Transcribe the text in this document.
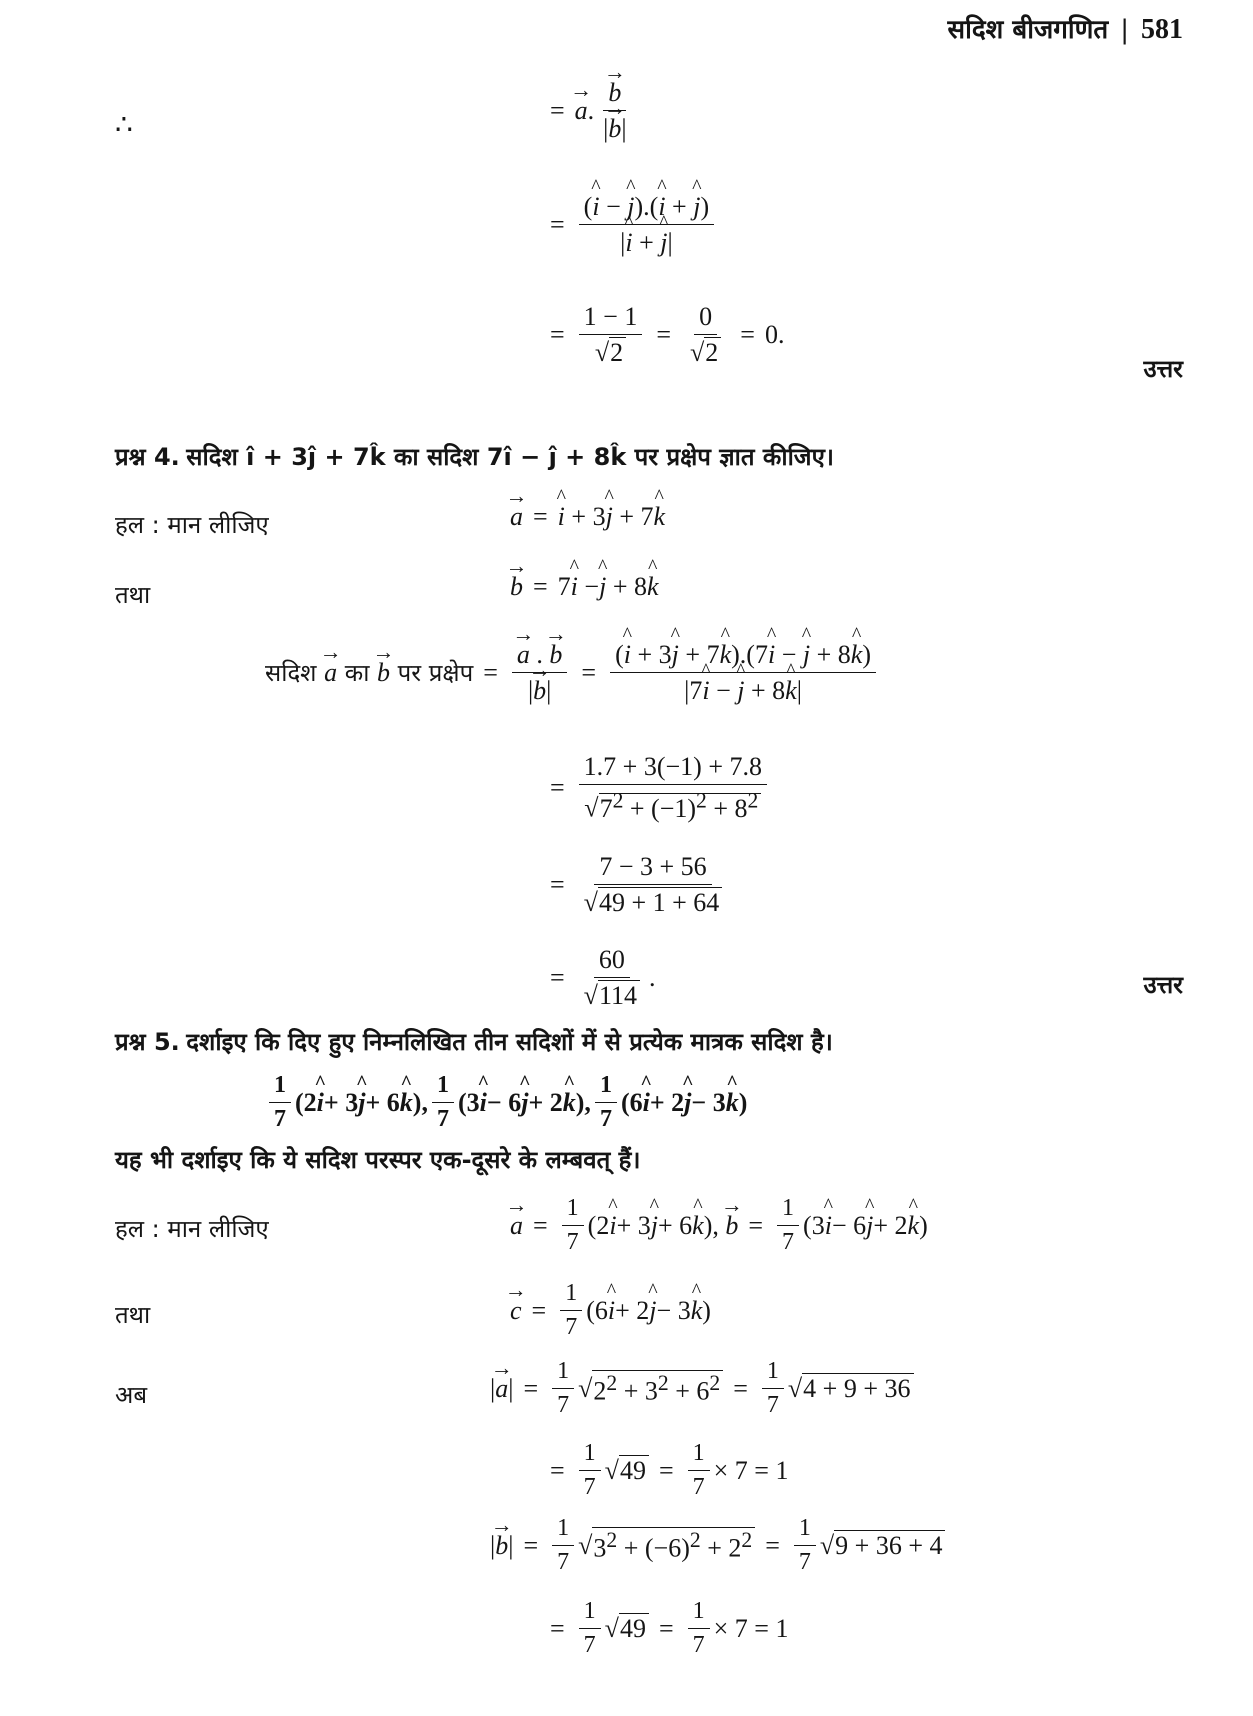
सदिश बीजगणित | 581
∴	= → a . → $\frac{b}{|\to b|}$
= $\frac{(\^{} i - \^{} j).(\^{} i + \^{} j)}{|\^{} i + \^{} j|}$
= $\frac{1 - 1}{√2} = \frac{0}{√2} = 0$.
उत्तर
प्रश्न 4. सदिश î + 3ĵ + 7k̂ का सदिश 7î − ĵ + 8k̂ पर प्रक्षेप ज्ञात कीजिए।
हल : मान लीजिए	→ a = ^ i + 3 ^ j + 7 ^ k
तथा	→ b = 7 ^ i − ^ j + 8 ^ k
सदिश → a का → b पर प्रक्षेप = → $\frac{a . \to b}{|\to b|} = \frac{(\^{} i + 3\^{} j + 7\^{} k).(7\^{} i - \^{} j + 8\^{} k)}{|7\^{} i - \^{} j + 8\^{} k|}$
= $\frac{1.7 + 3(-1) + 7.8}{√7^2 + (-1)^2 + 8^2}$
= $\frac{7 - 3 + 56}{√49 + 1 + 64}$
= $\frac{60}{√114}$ .	उत्तर
प्रश्न 5. दर्शाइए कि दिए हुए निम्नलिखित तीन सदिशों में से प्रत्येक मात्रक सदिश है।
$\frac{1}{7} (2$ ^ i + 3 ^ j + 6 ^ k ), $\frac{1}{7} (3$ ^ i − 6 ^ j + 2 ^ k ), $\frac{1}{7} (6$ ^ i + 2 ^ j − 3 ^ k )
यह भी दर्शाइए कि ये सदिश परस्पर एक-दूसरे के लम्बवत् हैं।
हल : मान लीजिए	→ $a = \frac{1}{7} (2$ ^ i + 3 ^ j + 6 ^ k ), → $b = \frac{1}{7} (3$ ^ i − 6 ^ j + 2 ^ k )
तथा	→ $c = \frac{1}{7} (6$ ^ i + 2 ^ j − 3 ^ k )
अब	|→ $a| = \frac{1}{7}$ √ $2^2 + 3^2 + 6^2 = \frac{1}{7}$ √ 4 + 9 + 36
= $\frac{1}{7}$ √ $49 = \frac{1}{7} \times 7 = 1$
|→ $b| = \frac{1}{7}$ √ $3^2 + (-6)^2 + 2^2 = \frac{1}{7}$ √ 9 + 36 + 4
= $\frac{1}{7}$ √ $49 = \frac{1}{7} \times 7 = 1$
